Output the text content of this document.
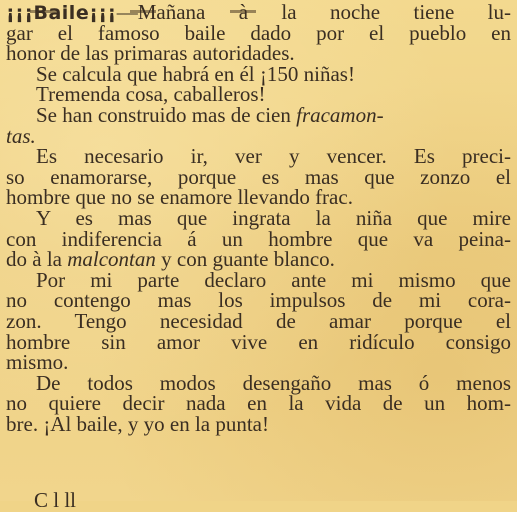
¡¡¡Baile¡¡¡—Mañana à la noche tiene lu-
gar el famoso baile dado por el pueblo en
honor de las primaras autoridades.
Se calcula que habrá en él ¡150 niñas!
Tremenda cosa, caballeros!
Se han construido mas de cien fracamon-
tas.
Es necesario ir, ver y vencer. Es preci-
so enamorarse, porque es mas que zonzo el
hombre que no se enamore llevando frac.
Y es mas que ingrata la niña que mire
con indiferencia á un hombre que va peina-
do à la malcontan y con guante blanco.
Por mi parte declaro ante mi mismo que
no contengo mas los impulsos de mi cora-
zon. Tengo necesidad de amar porque el
hombre sin amor vive en ridículo consigo
mismo.
De todos modos desengaño mas ó menos
no quiere decir nada en la vida de un hom-
bre. ¡Al baile, y yo en la punta!
C l ll
